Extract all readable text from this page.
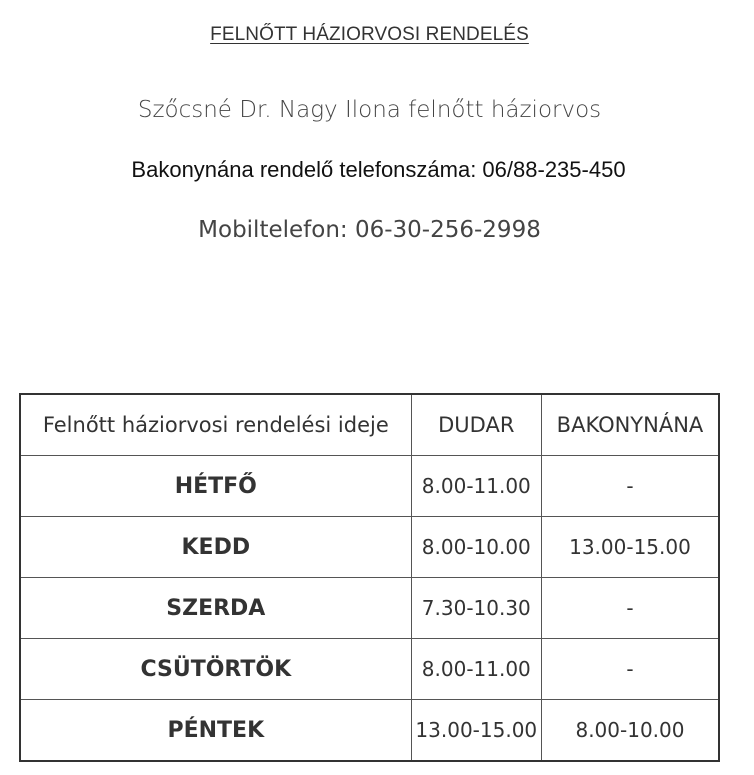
FELNŐTT HÁZIORVOSI RENDELÉS
Szőcsné Dr. Nagy Ilona felnőtt háziorvos
Bakonynána rendelő telefonszáma: 06/88-235-450
Mobiltelefon: 06-30-256-2998
Felnőtt háziorvosi rendelési ideje	DUDAR	BAKONYNÁNA
HÉTFŐ	8.00-11.00	-
KEDD	8.00-10.00	13.00-15.00
SZERDA	7.30-10.30	-
CSÜTÖRTÖK	8.00-11.00	-
PÉNTEK	13.00-15.00	8.00-10.00
